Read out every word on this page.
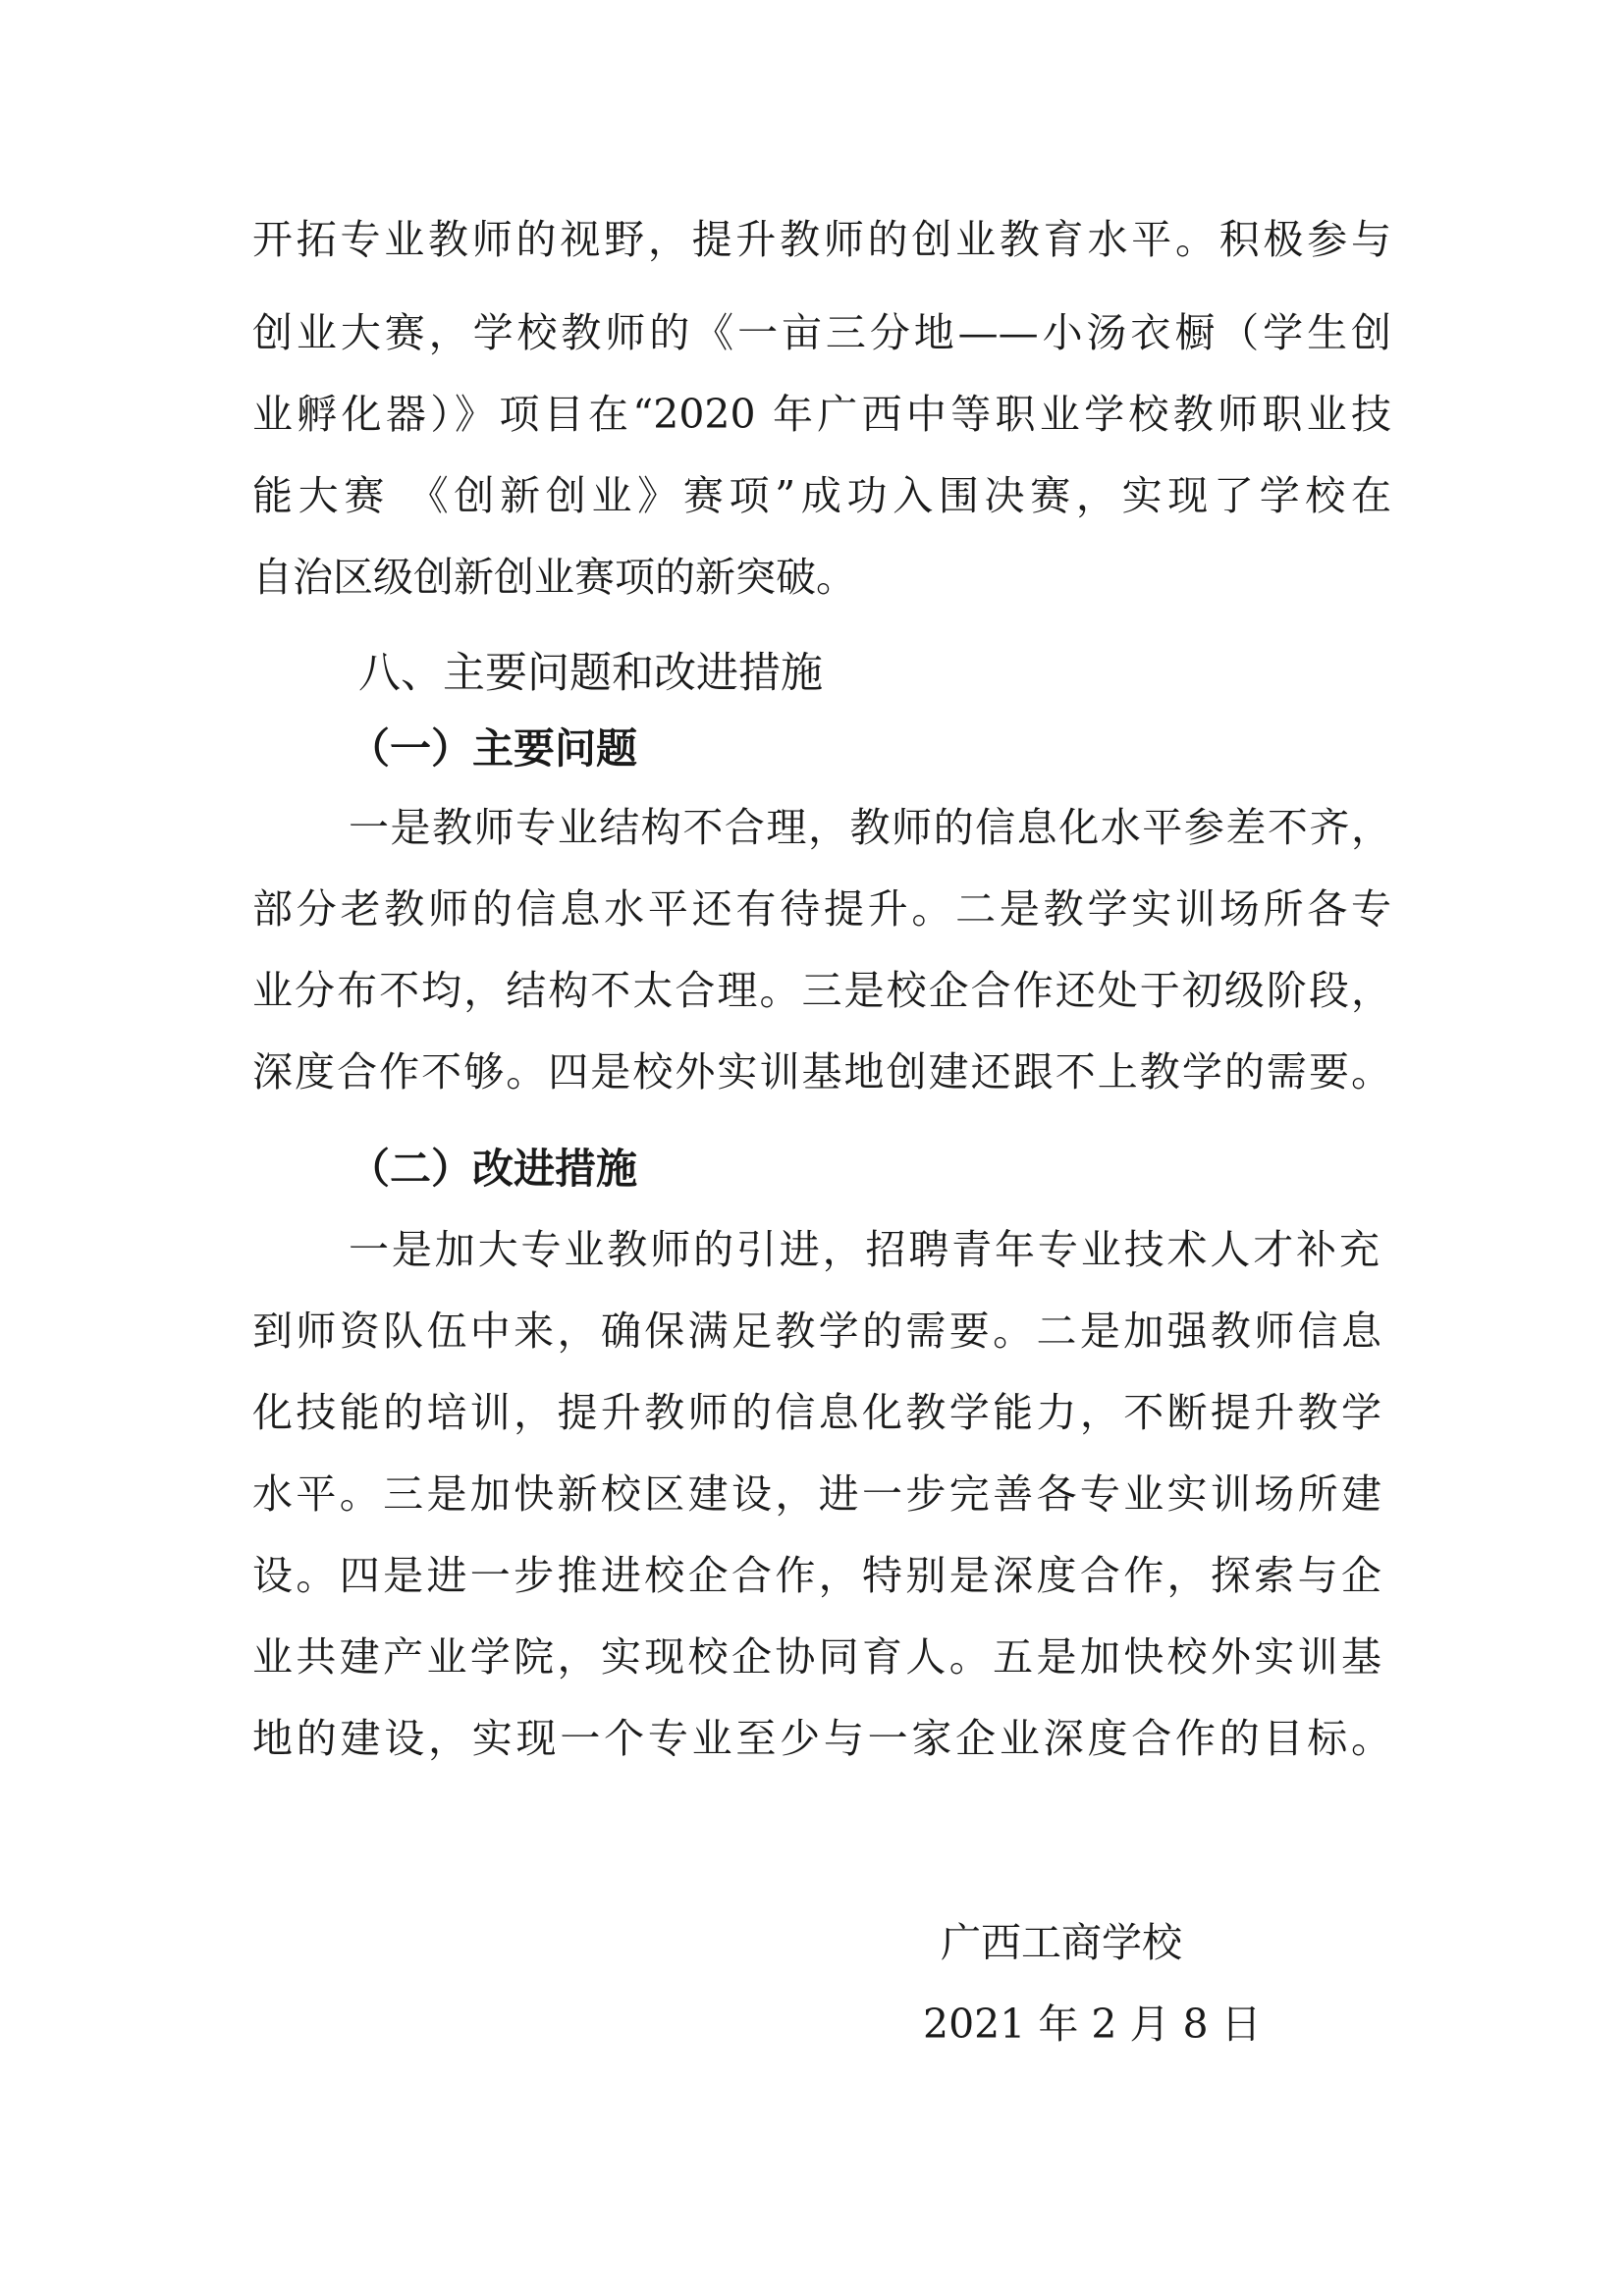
开拓专业教师的视野，提升教师的创业教育水平。积极参与
创业大赛，学校教师的《一亩三分地——小汤衣橱（学生创
业孵化器）》项目在“2020 年广西中等职业学校教师职业技
能大赛 《创新创业》赛项”成功入围决赛，实现了学校在
自治区级创新创业赛项的新突破。
八、主要问题和改进措施
（一）主要问题
一是教师专业结构不合理，教师的信息化水平参差不齐，
部分老教师的信息水平还有待提升。二是教学实训场所各专
业分布不均，结构不太合理。三是校企合作还处于初级阶段，
深度合作不够。四是校外实训基地创建还跟不上教学的需要。
（二）改进措施
一是加大专业教师的引进，招聘青年专业技术人才补充
到师资队伍中来，确保满足教学的需要。二是加强教师信息
化技能的培训，提升教师的信息化教学能力，不断提升教学
水平。三是加快新校区建设，进一步完善各专业实训场所建
设。四是进一步推进校企合作，特别是深度合作，探索与企
业共建产业学院，实现校企协同育人。五是加快校外实训基
地的建设，实现一个专业至少与一家企业深度合作的目标。
广西工商学校
2021 年 2 月 8 日
